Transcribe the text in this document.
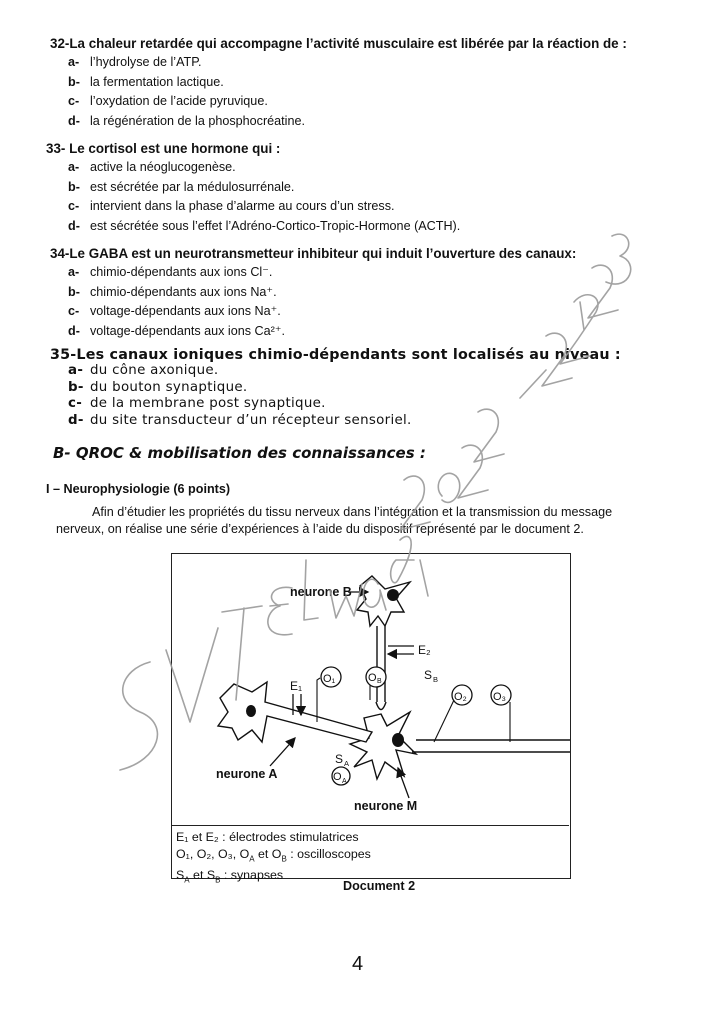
32-La chaleur retardée qui accompagne l’activité musculaire est libérée par la réaction de :
a- l’hydrolyse de l’ATP.
b- la fermentation lactique.
c- l’oxydation de l’acide pyruvique.
d- la régénération de la phosphocréatine.
33- Le cortisol est une hormone qui :
a- active la néoglucogenèse.
b- est sécrétée par la médulosurrénale.
c- intervient dans la phase d’alarme au cours d’un stress.
d- est sécrétée sous l’effet l’Adréno-Cortico-Tropic-Hormone (ACTH).
34-Le GABA est un neurotransmetteur inhibiteur qui induit l’ouverture des canaux:
a- chimio-dépendants aux ions Cl⁻.
b- chimio-dépendants aux ions Na⁺.
c- voltage-dépendants aux ions Na⁺.
d- voltage-dépendants aux ions Ca²⁺.
35-Les canaux ioniques chimio-dépendants sont localisés au niveau :
a- du cône axonique.
b- du bouton synaptique.
c- de la membrane post synaptique.
d- du site transducteur d’un récepteur sensoriel.
B- QROC & mobilisation des connaissances :
I – Neurophysiologie (6 points)
Afin d’étudier les propriétés du tissu nerveux dans l’intégration et la transmission du message
nerveux, on réalise une série d’expériences à l’aide du dispositif représenté par le document 2.
neurone B
neurone A
neurone M
E₁
E₂
O₁
O₂ O₃
O B
O A
S B
S A
E₁ et E₂ : électrodes stimulatrices
O₁, O₂, O₃, $O_A$ et $O_B$ : oscilloscopes
$S_A$ et $S_B$ : synapses
Document 2
4
